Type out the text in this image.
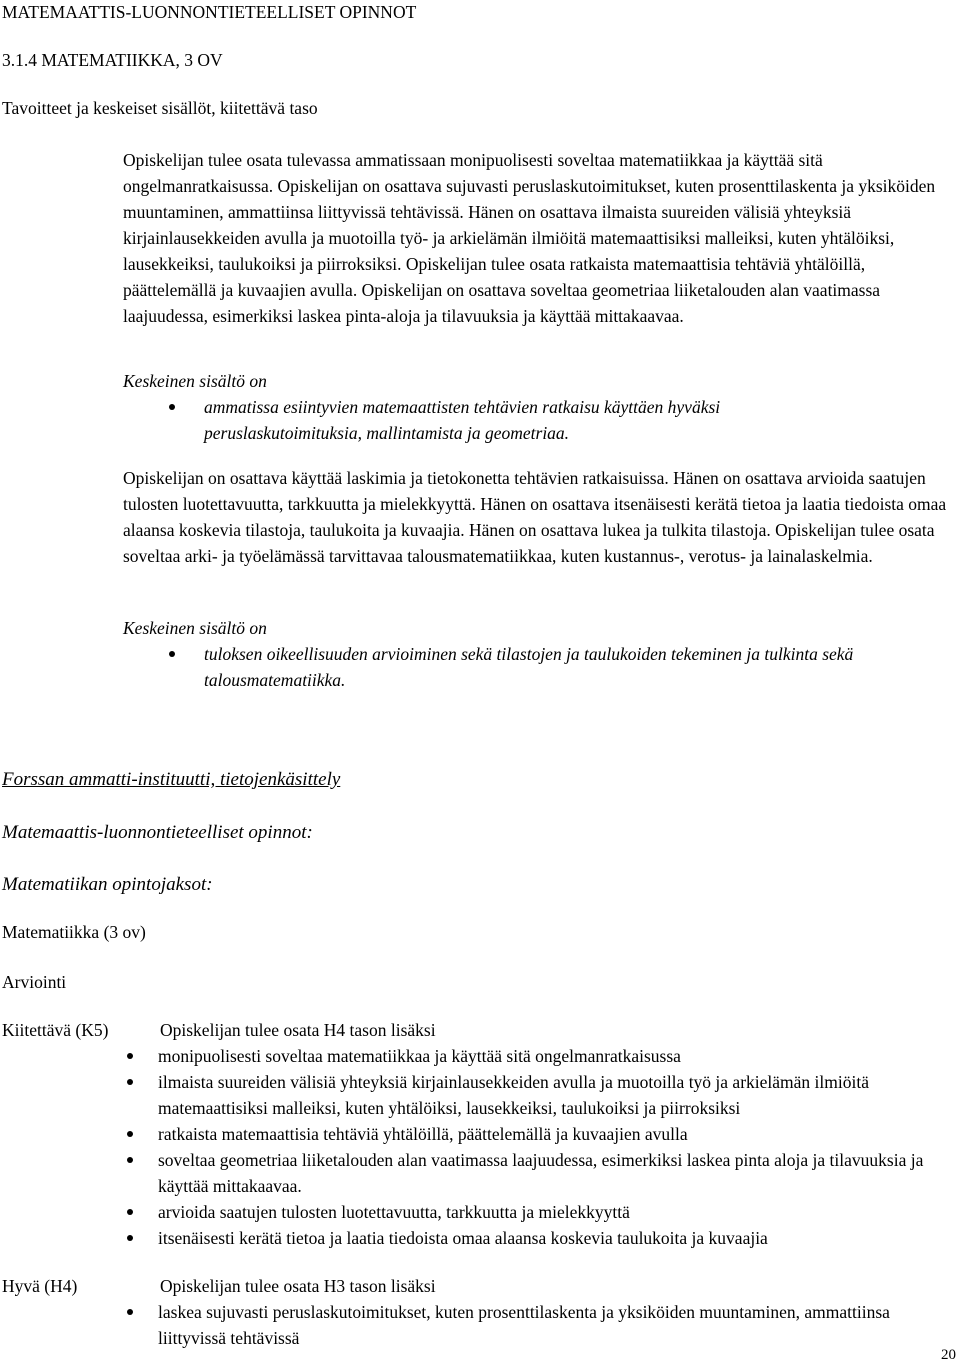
MATEMAATTIS-LUONNONTIETEELLISET OPINNOT
3.1.4 MATEMATIIKKA, 3 OV
Tavoitteet ja keskeiset sisällöt, kiitettävä taso

Opiskelijan tulee osata tulevassa ammatissaan monipuolisesti soveltaa matematiikkaa ja käyttää sitä ongelmanratkaisussa. Opiskelijan on osattava sujuvasti peruslaskutoimitukset, kuten prosenttilaskenta ja yksiköiden muuntaminen, ammattiinsa liittyvissä tehtävissä. Hänen on osattava ilmaista suureiden välisiä yhteyksiä kirjainlausekkeiden avulla ja muotoilla työ- ja arkielämän ilmiöitä matemaattisiksi malleiksi, kuten yhtälöiksi, lausekkeiksi, taulukoiksi ja piirroksiksi. Opiskelijan tulee osata ratkaista matemaattisia tehtäviä yhtälöillä, päättelemällä ja kuvaajien avulla. Opiskelijan on osattava soveltaa geometriaa liiketalouden alan vaatimassa laajuudessa, esimerkiksi laskea pinta-aloja ja tilavuuksia ja käyttää mittakaavaa.

Keskeinen sisältö on

ammatissa esiintyvien matemaattisten tehtävien ratkaisu käyttäen hyväksi peruslaskutoimituksia, mallintamista ja geometriaa.

Opiskelijan on osattava käyttää laskimia ja tietokonetta tehtävien ratkaisuissa. Hänen on osattava arvioida saatujen tulosten luotettavuutta, tarkkuutta ja mielekkyyttä. Hänen on osattava itsenäisesti kerätä tietoa ja laatia tiedoista omaa alaansa koskevia tilastoja, taulukoita ja kuvaajia. Hänen on osattava lukea ja tulkita tilastoja. Opiskelijan tulee osata soveltaa arki- ja työelämässä tarvittavaa talousmatematiikkaa, kuten kustannus-, verotus- ja lainalaskelmia.

Keskeinen sisältö on

tuloksen oikeellisuuden arvioiminen sekä tilastojen ja taulukoiden tekeminen ja tulkinta sekä talousmatematiikka.

Forssan ammatti-instituutti, tietojenkäsittely
Matemaattis-luonnontieteelliset opinnot:
Matematiikan opintojaksot:
Matematiikka (3 ov)
Arviointi
Kiitettävä (K5)	Opiskelijan tulee osata H4 tason lisäksi
monipuolisesti soveltaa matematiikkaa ja käyttää sitä ongelmanratkaisussa
ilmaista suureiden välisiä yhteyksiä kirjainlausekkeiden avulla ja muotoilla työ ja arkielämän ilmiöitä matemaattisiksi malleiksi, kuten yhtälöiksi, lausekkeiksi, taulukoiksi ja piirroksiksi
ratkaista matemaattisia tehtäviä yhtälöillä, päättelemällä ja kuvaajien avulla
soveltaa geometriaa liiketalouden alan vaatimassa laajuudessa, esimerkiksi laskea pinta aloja ja tilavuuksia ja käyttää mittakaavaa.
arvioida saatujen tulosten luotettavuutta, tarkkuutta ja mielekkyyttä
itsenäisesti kerätä tietoa ja laatia tiedoista omaa alaansa koskevia taulukoita ja kuvaajia
Hyvä (H4)	Opiskelijan tulee osata H3 tason lisäksi
laskea sujuvasti peruslaskutoimitukset, kuten prosenttilaskenta ja yksiköiden muuntaminen, ammattiinsa liittyvissä tehtävissä
20
